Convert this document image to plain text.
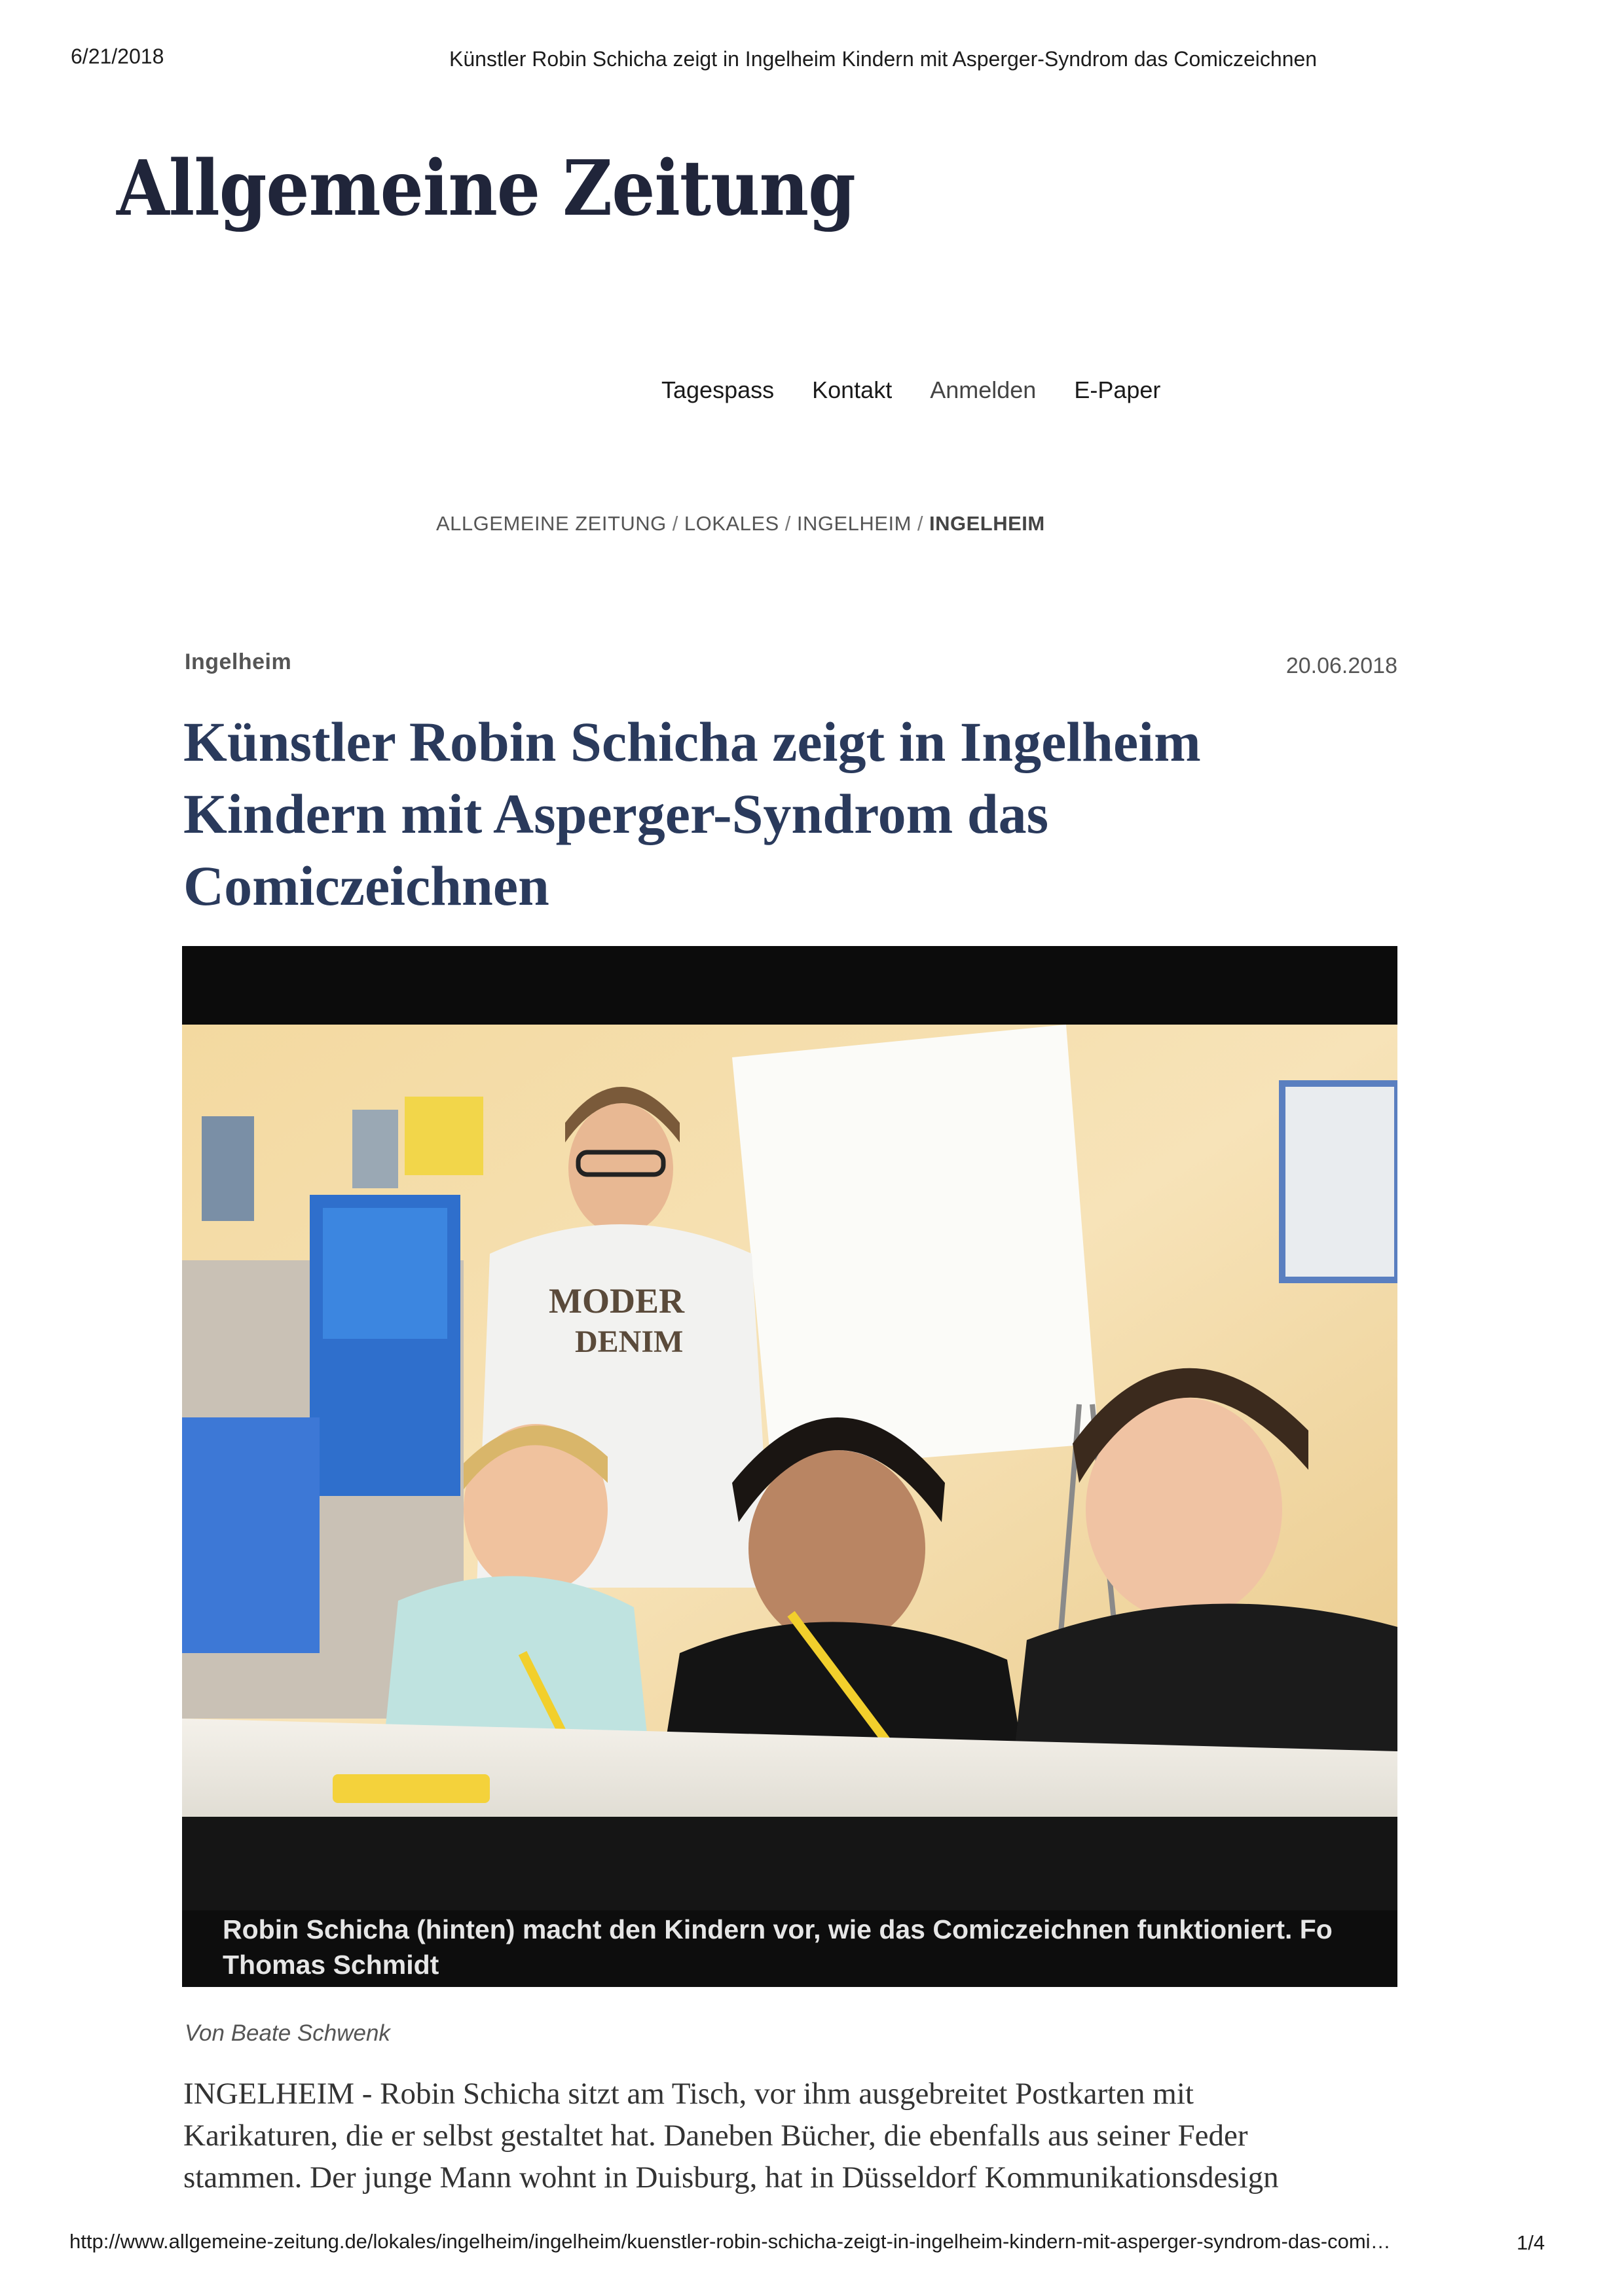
6/21/2018	Künstler Robin Schicha zeigt in Ingelheim Kindern mit Asperger-Syndrom das Comiczeichnen
Allgemeine Zeitung
Tagespass Kontakt Anmelden E-Paper
ALLGEMEINE ZEITUNG / LOKALES / INGELHEIM / INGELHEIM
Ingelheim	20.06.2018
Künstler Robin Schicha zeigt in Ingelheim
Kindern mit Asperger-Syndrom das
Comiczeichnen
MODER
DENIM
Robin Schicha (hinten) macht den Kindern vor, wie das Comiczeichnen funktioniert. Fo
Thomas Schmidt
Von Beate Schwenk

INGELHEIM - Robin Schicha sitzt am Tisch, vor ihm ausgebreitet Postkarten mit
Karikaturen, die er selbst gestaltet hat. Daneben Bücher, die ebenfalls aus seiner Feder
stammen. Der junge Mann wohnt in Duisburg, hat in Düsseldorf Kommunikationsdesign

http://www.allgemeine-zeitung.de/lokales/ingelheim/ingelheim/kuenstler-robin-schicha-zeigt-in-ingelheim-kindern-mit-asperger-syndrom-das-comi…	1/4
